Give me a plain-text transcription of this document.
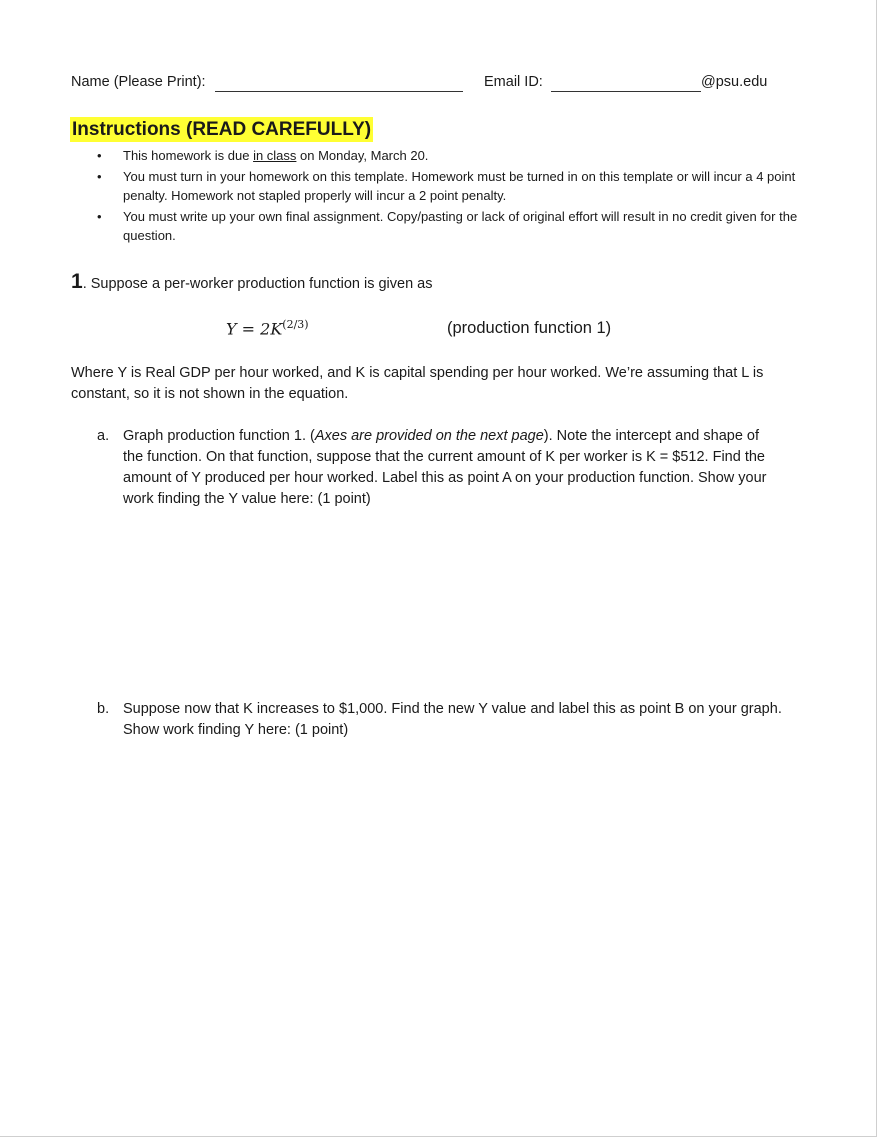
Name (Please Print):	Email ID:	@psu.edu
Instructions (READ CAREFULLY)
• This homework is due in class on Monday, March 20.
• You must turn in your homework on this template. Homework must be turned in on this template or will incur a 4 point penalty. Homework not stapled properly will incur a 2 point penalty.
• You must write up your own final assignment. Copy/pasting or lack of original effort will result in no credit given for the question.
1. Suppose a per-worker production function is given as
$Y = 2K^{(2/3)}$	(production function 1)
Where Y is Real GDP per hour worked, and K is capital spending per hour worked. We’re assuming that L is constant, so it is not shown in the equation.
a. Graph production function 1. (Axes are provided on the next page). Note the intercept and shape of the function. On that function, suppose that the current amount of K per worker is K = $512. Find the amount of Y produced per hour worked. Label this as point A on your production function. Show your work finding the Y value here: (1 point)
b. Suppose now that K increases to $1,000. Find the new Y value and label this as point B on your graph. Show work finding Y here: (1 point)
